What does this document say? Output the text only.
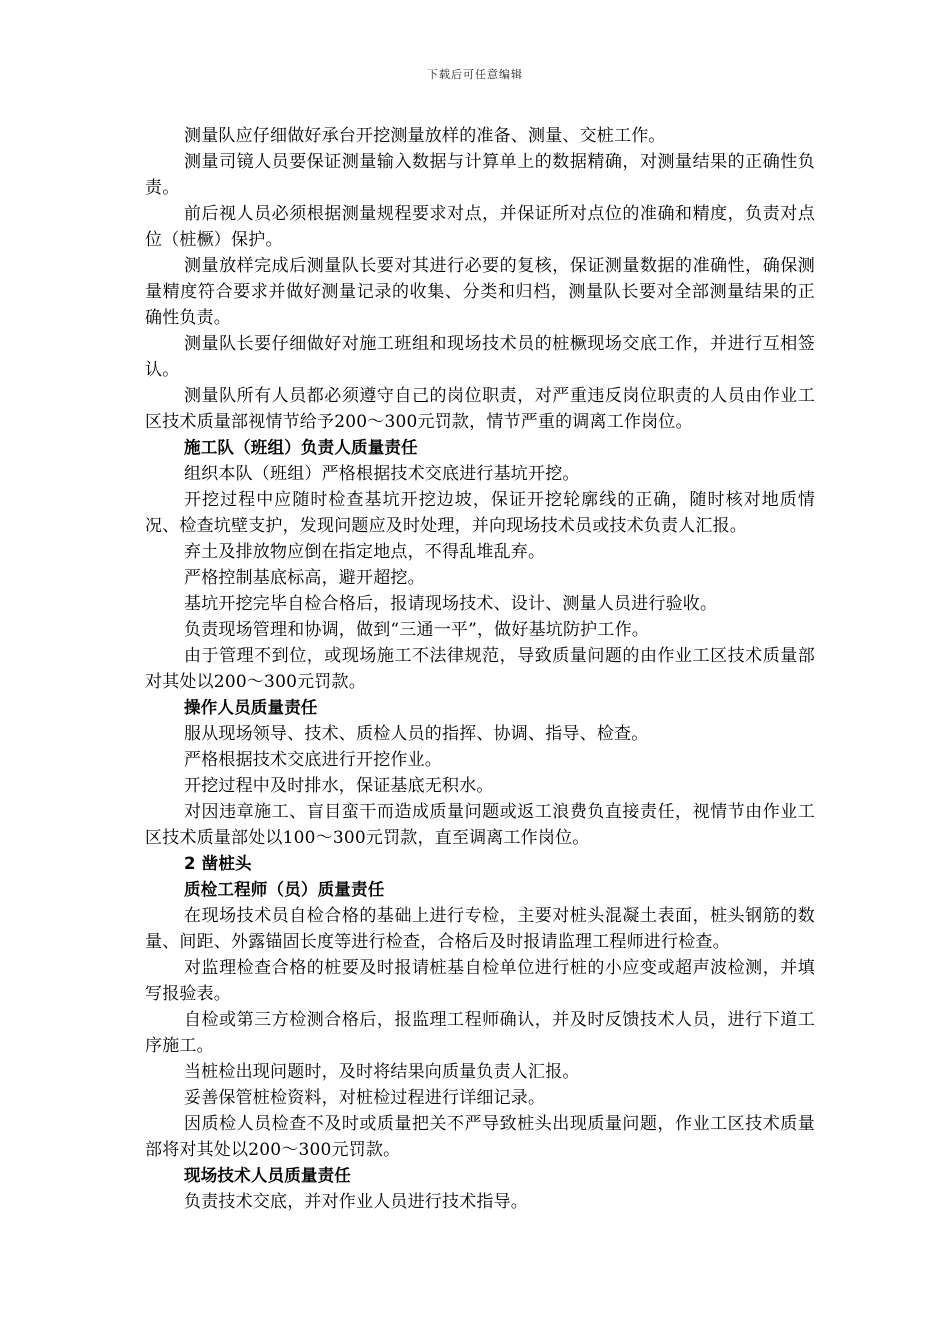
下载后可任意编辑

测量队应仔细做好承台开挖测量放样的准备、测量、交桩工作。

测量司镜人员要保证测量输入数据与计算单上的数据精确，对测量结果的正确性负责。

前后视人员必须根据测量规程要求对点，并保证所对点位的准确和精度，负责对点位（桩橛）保护。

测量放样完成后测量队长要对其进行必要的复核，保证测量数据的准确性，确保测量精度符合要求并做好测量记录的收集、分类和归档，测量队长要对全部测量结果的正确性负责。

测量队长要仔细做好对施工班组和现场技术员的桩橛现场交底工作，并进行互相签认。

测量队所有人员都必须遵守自己的岗位职责，对严重违反岗位职责的人员由作业工区技术质量部视情节给予200～300元罚款，情节严重的调离工作岗位。

施工队（班组）负责人质量责任

组织本队（班组）严格根据技术交底进行基坑开挖。

开挖过程中应随时检查基坑开挖边坡，保证开挖轮廓线的正确，随时核对地质情况、检查坑壁支护，发现问题应及时处理，并向现场技术员或技术负责人汇报。

弃土及排放物应倒在指定地点，不得乱堆乱弃。

严格控制基底标高，避开超挖。

基坑开挖完毕自检合格后，报请现场技术、设计、测量人员进行验收。

负责现场管理和协调，做到“三通一平”，做好基坑防护工作。

由于管理不到位，或现场施工不法律规范，导致质量问题的由作业工区技术质量部对其处以200～300元罚款。

操作人员质量责任

服从现场领导、技术、质检人员的指挥、协调、指导、检查。

严格根据技术交底进行开挖作业。

开挖过程中及时排水，保证基底无积水。

对因违章施工、盲目蛮干而造成质量问题或返工浪费负直接责任，视情节由作业工区技术质量部处以100～300元罚款，直至调离工作岗位。

2 凿桩头

质检工程师（员）质量责任

在现场技术员自检合格的基础上进行专检，主要对桩头混凝土表面，桩头钢筋的数量、间距、外露锚固长度等进行检查，合格后及时报请监理工程师进行检查。

对监理检查合格的桩要及时报请桩基自检单位进行桩的小应变或超声波检测，并填写报验表。

自检或第三方检测合格后，报监理工程师确认，并及时反馈技术人员，进行下道工序施工。

当桩检出现问题时，及时将结果向质量负责人汇报。

妥善保管桩检资料，对桩检过程进行详细记录。

因质检人员检查不及时或质量把关不严导致桩头出现质量问题，作业工区技术质量部将对其处以200～300元罚款。

现场技术人员质量责任

负责技术交底，并对作业人员进行技术指导。
